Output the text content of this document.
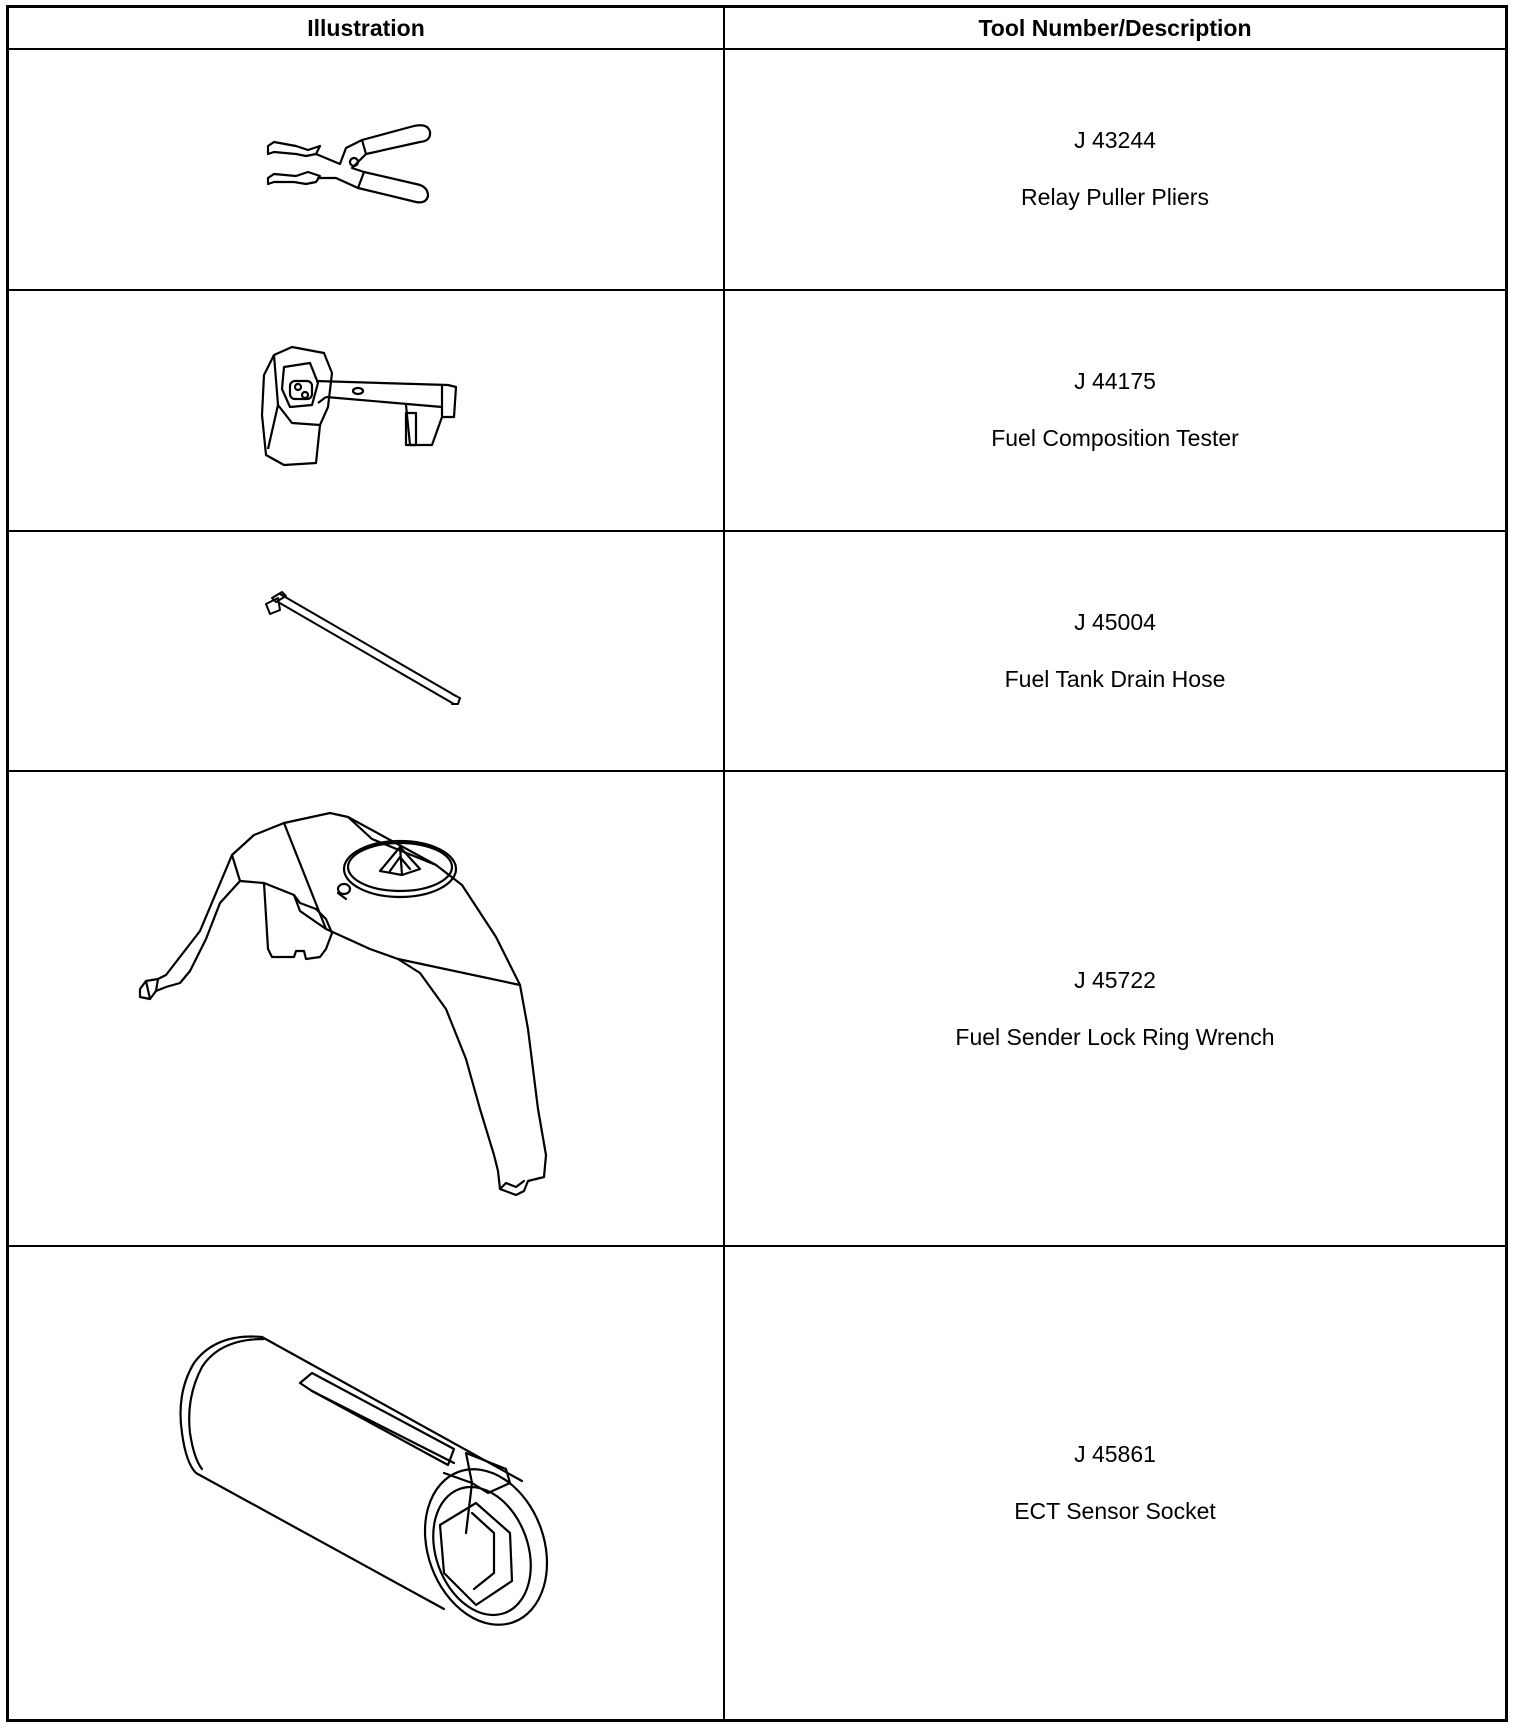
Illustration	Tool Number/Description

J 43244
Relay Puller Pliers

J 44175
Fuel Composition Tester

J 45004
Fuel Tank Drain Hose

J 45722
Fuel Sender Lock Ring Wrench

J 45861
ECT Sensor Socket
